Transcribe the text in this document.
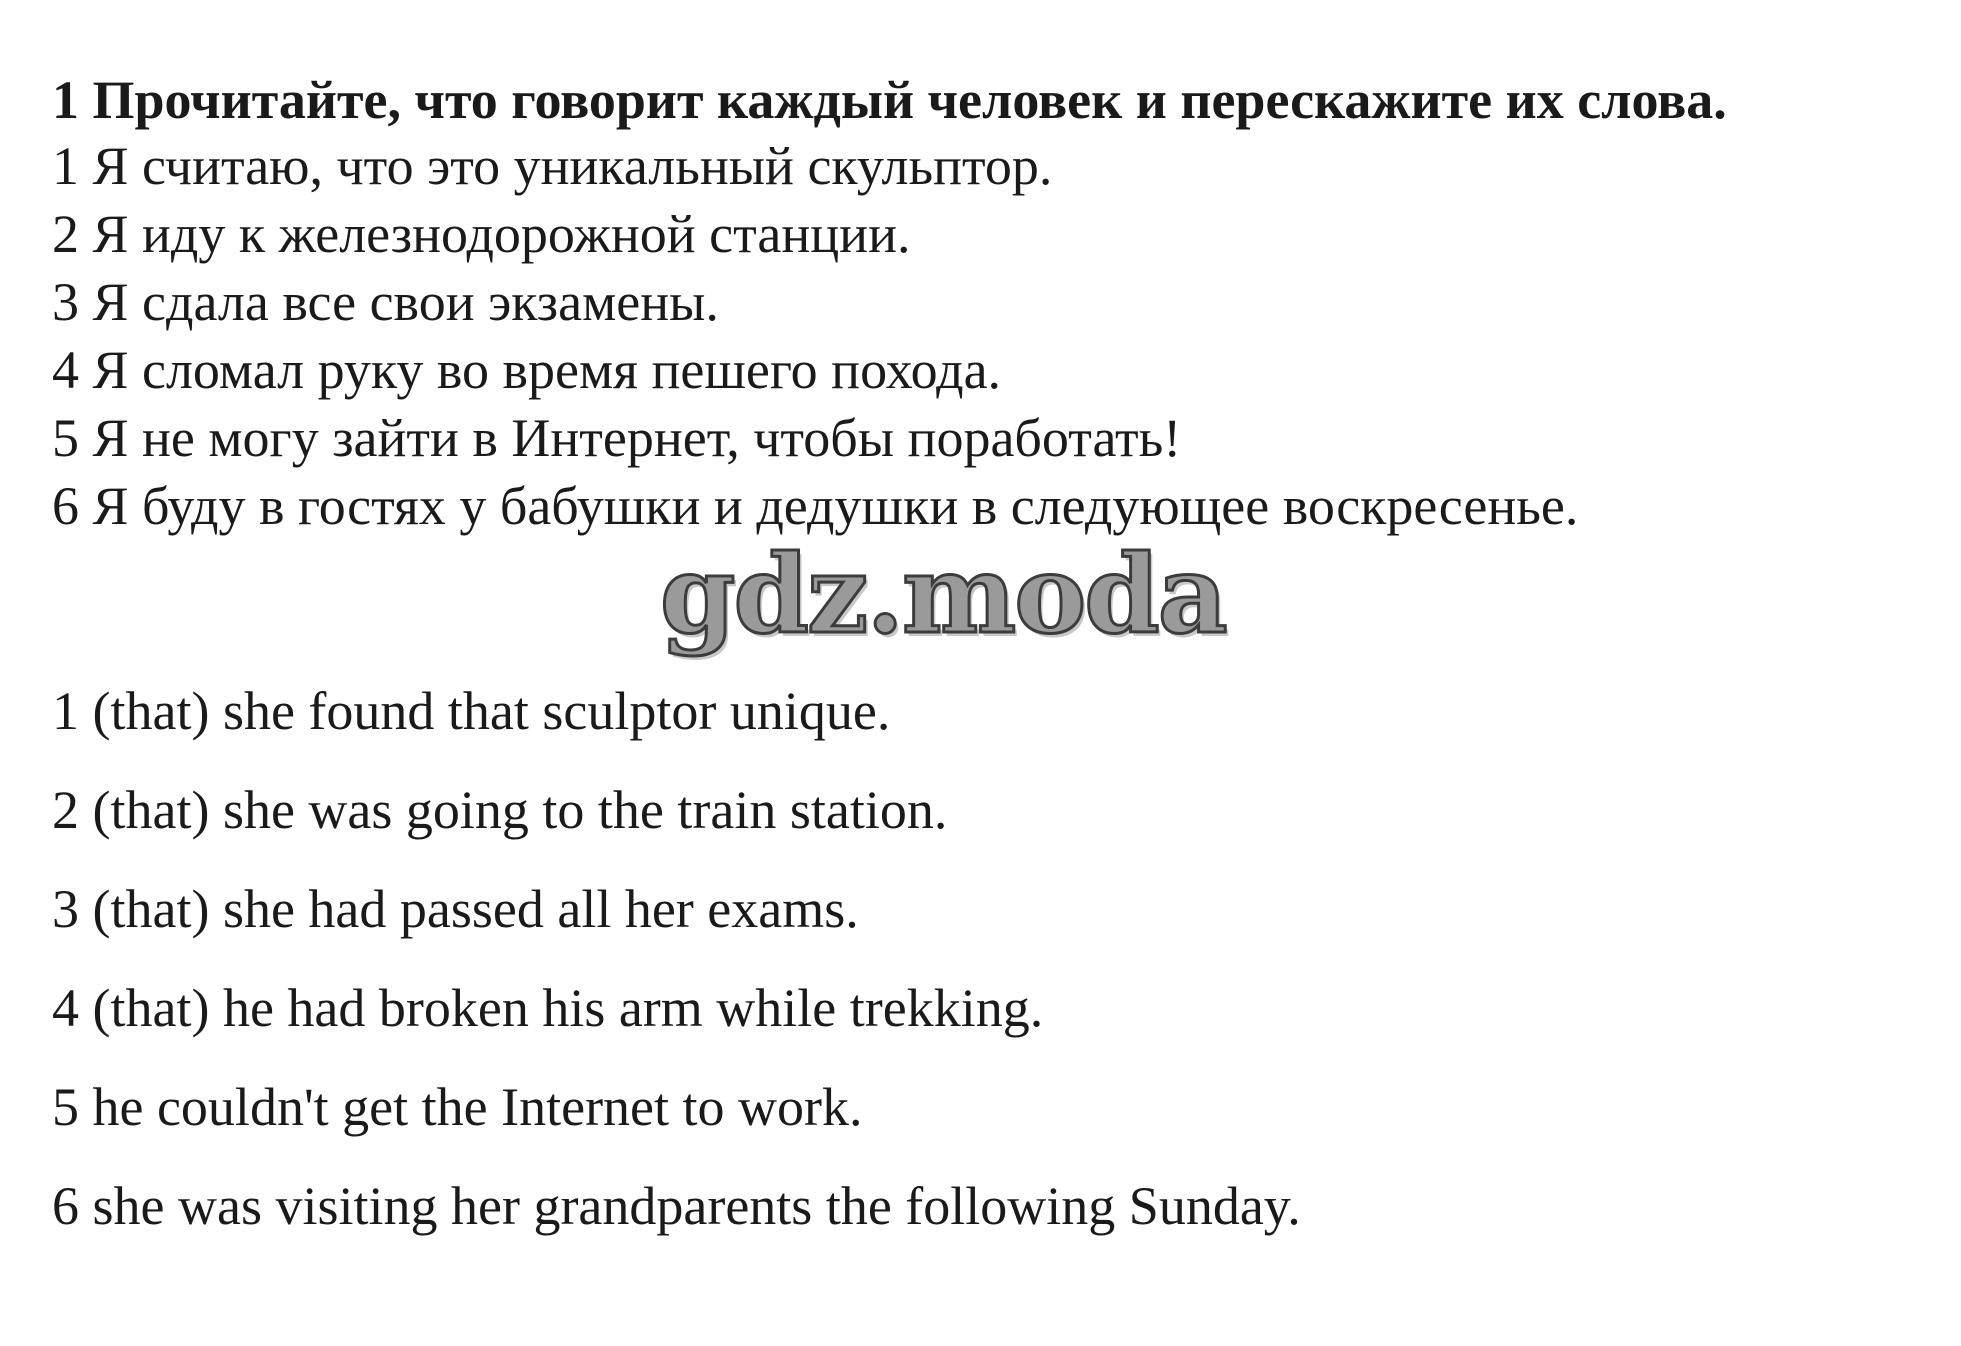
1 Прочитайте, что говорит каждый человек и перескажите их слова.
1 Я считаю, что это уникальный скульптор.
2 Я иду к железнодорожной станции.
3 Я сдала все свои экзамены.
4 Я сломал руку во время пешего похода.
5 Я не могу зайти в Интернет, чтобы поработать!
6 Я буду в гостях у бабушки и дедушки в следующее воскресенье.
gdz.moda
1 (that) she found that sculptor unique.
2 (that) she was going to the train station.
3 (that) she had passed all her exams.
4 (that) he had broken his arm while trekking.
5 he couldn't get the Internet to work.
6 she was visiting her grandparents the following Sunday.
